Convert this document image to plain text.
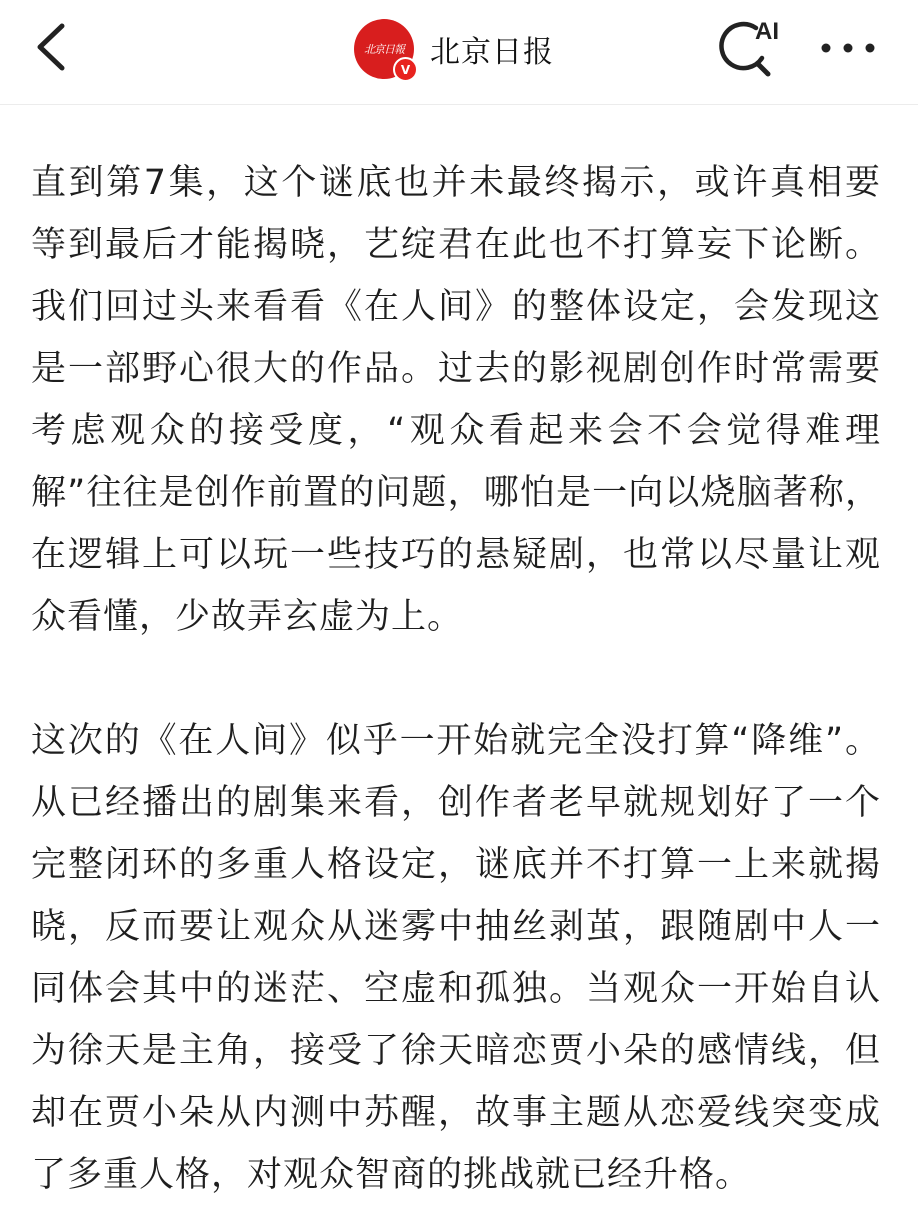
北京日報
V 北京日报
AI

直到第7集，这个谜底也并未最终揭示，或许真相要等到最后才能揭晓，艺绽君在此也不打算妄下论断。我们回过头来看看《在人间》的整体设定，会发现这是一部野心很大的作品。过去的影视剧创作时常需要考虑观众的接受度，“观众看起来会不会觉得难理解”往往是创作前置的问题，哪怕是一向以烧脑著称，在逻辑上可以玩一些技巧的悬疑剧，也常以尽量让观众看懂，少故弄玄虚为上。

这次的《在人间》似乎一开始就完全没打算“降维”。从已经播出的剧集来看，创作者老早就规划好了一个完整闭环的多重人格设定，谜底并不打算一上来就揭晓，反而要让观众从迷雾中抽丝剥茧，跟随剧中人一同体会其中的迷茫、空虚和孤独。当观众一开始自认为徐天是主角，接受了徐天暗恋贾小朵的感情线，但却在贾小朵从内测中苏醒，故事主题从恋爱线突变成了多重人格，对观众智商的挑战就已经升格。
